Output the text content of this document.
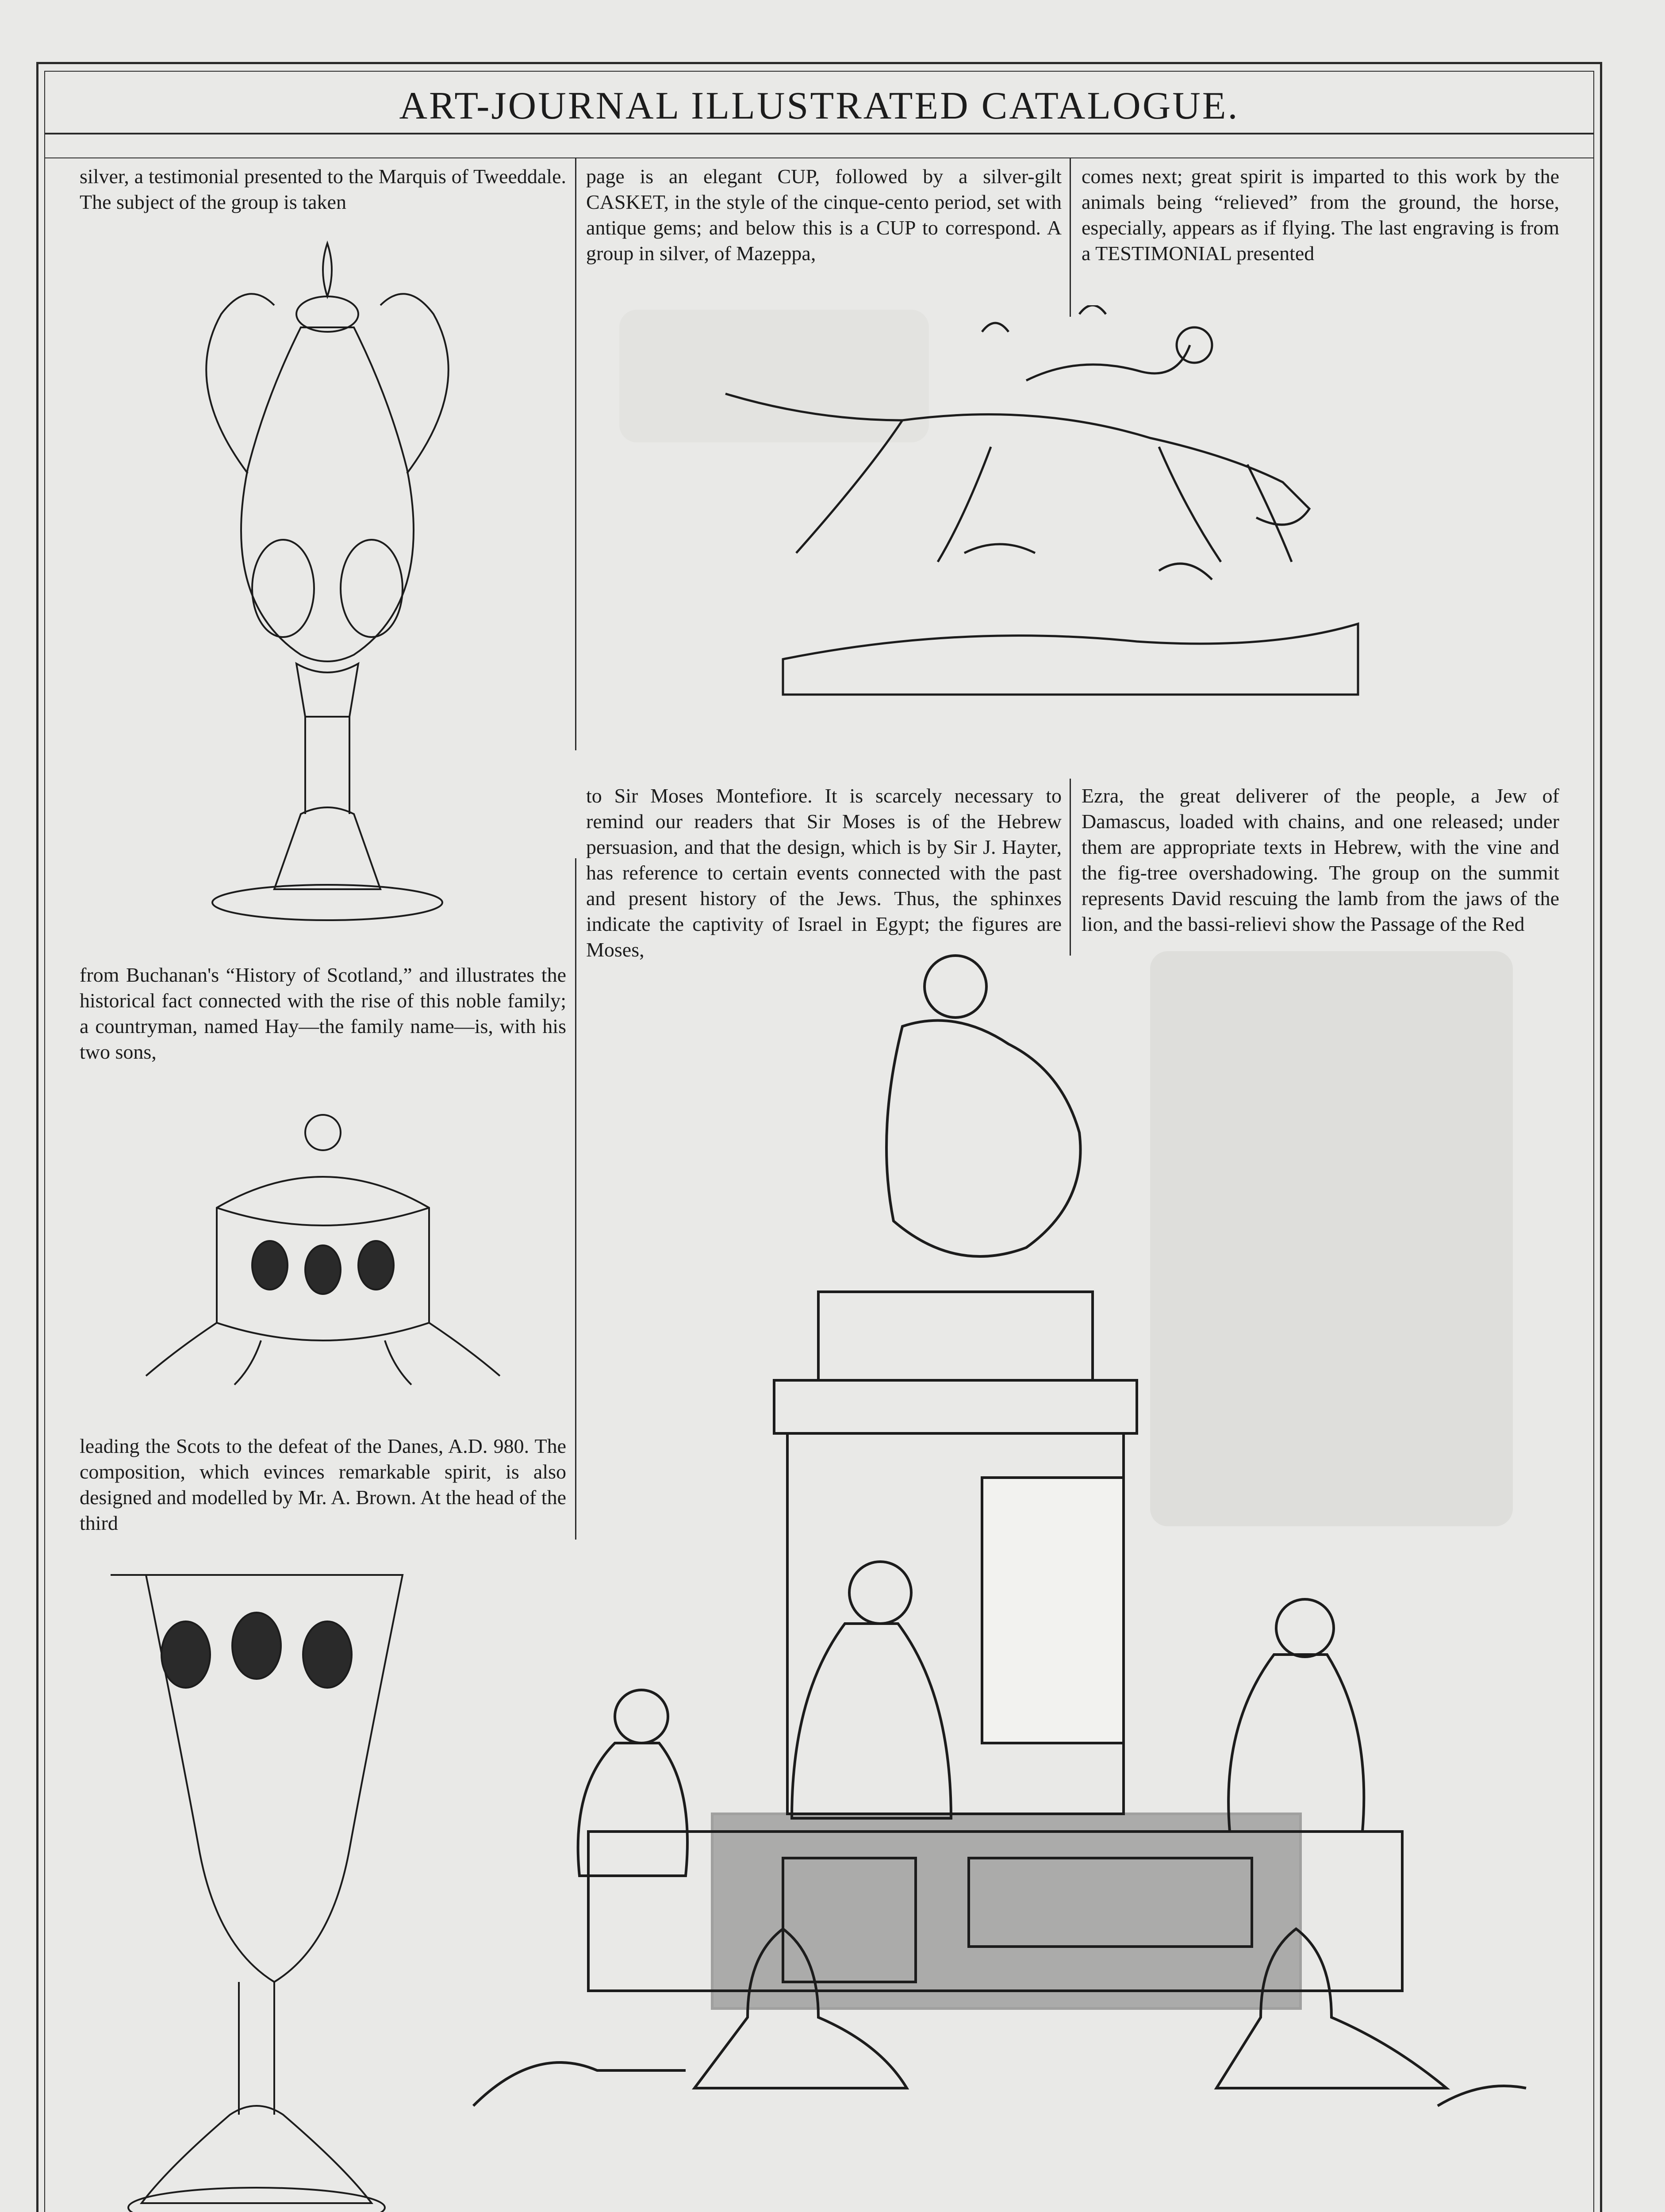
ART-JOURNAL ILLUSTRATED CATALOGUE.

silver, a testimonial presented to the Marquis of Tweeddale. The subject of the group is taken

from Buchanan's “History of Scotland,” and illustrates the historical fact connected with the rise of this noble family; a countryman, named Hay—the family name—is, with his two sons,

leading the Scots to the defeat of the Danes, A.D. 980. The composition, which evinces remarkable spirit, is also designed and modelled by Mr. A. Brown. At the head of the third

page is an elegant CUP, followed by a silver-gilt CASKET, in the style of the cinque-cento period, set with antique gems; and below this is a CUP to correspond. A group in silver, of Mazeppa,

to Sir Moses Montefiore. It is scarcely necessary to remind our readers that Sir Moses is of the Hebrew persuasion, and that the design, which is by Sir J. Hayter, has reference to certain events connected with the past and present history of the Jews. Thus, the sphinxes indicate the captivity of Israel in Egypt; the figures are Moses,

comes next; great spirit is imparted to this work by the animals being “relieved” from the ground, the horse, especially, appears as if flying. The last engraving is from a TESTIMONIAL presented

Ezra, the great deliverer of the people, a Jew of Damascus, loaded with chains, and one released; under them are appropriate texts in Hebrew, with the vine and the fig-tree overshadowing. The group on the summit represents David rescuing the lamb from the jaws of the lion, and the bassi-relievi show the Passage of the Red
